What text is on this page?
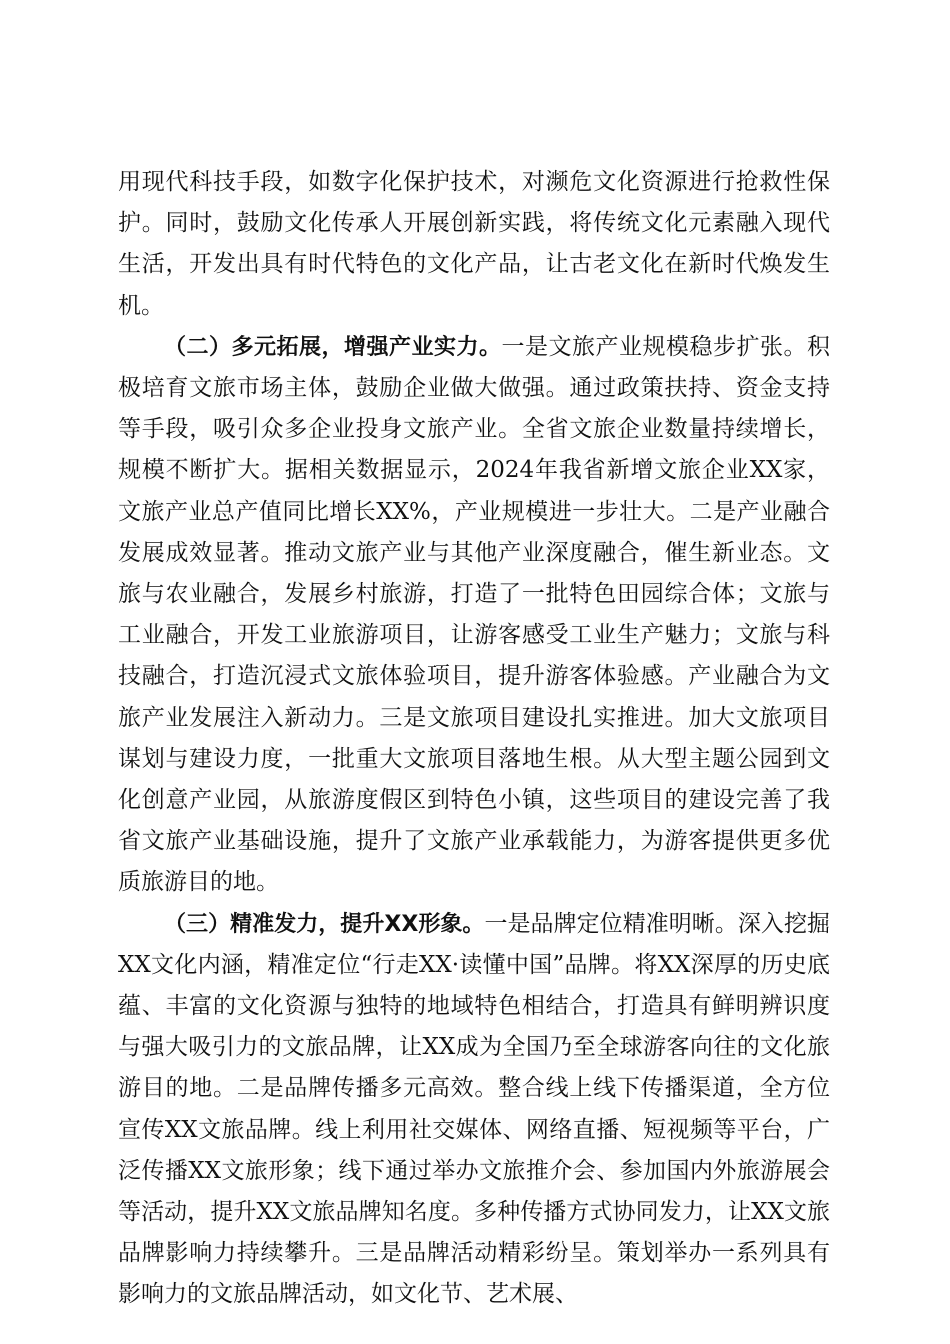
用现代科技手段，如数字化保护技术，对濒危文化资源进行抢救性保护。同时，鼓励文化传承人开展创新实践，将传统文化元素融入现代生活，开发出具有时代特色的文化产品，让古老文化在新时代焕发生机。

（二）多元拓展，增强产业实力。一是文旅产业规模稳步扩张。积极培育文旅市场主体，鼓励企业做大做强。通过政策扶持、资金支持等手段，吸引众多企业投身文旅产业。全省文旅企业数量持续增长，规模不断扩大。据相关数据显示，2024年我省新增文旅企业XX家，文旅产业总产值同比增长XX%，产业规模进一步壮大。二是产业融合发展成效显著。推动文旅产业与其他产业深度融合，催生新业态。文旅与农业融合，发展乡村旅游，打造了一批特色田园综合体；文旅与工业融合，开发工业旅游项目，让游客感受工业生产魅力；文旅与科技融合，打造沉浸式文旅体验项目，提升游客体验感。产业融合为文旅产业发展注入新动力。三是文旅项目建设扎实推进。加大文旅项目谋划与建设力度，一批重大文旅项目落地生根。从大型主题公园到文化创意产业园，从旅游度假区到特色小镇，这些项目的建设完善了我省文旅产业基础设施，提升了文旅产业承载能力，为游客提供更多优质旅游目的地。

（三）精准发力，提升XX形象。一是品牌定位精准明晰。深入挖掘XX文化内涵，精准定位“行走XX·读懂中国”品牌。将XX深厚的历史底蕴、丰富的文化资源与独特的地域特色相结合，打造具有鲜明辨识度与强大吸引力的文旅品牌，让XX成为全国乃至全球游客向往的文化旅游目的地。二是品牌传播多元高效。整合线上线下传播渠道，全方位宣传XX文旅品牌。线上利用社交媒体、网络直播、短视频等平台，广泛传播XX文旅形象；线下通过举办文旅推介会、参加国内外旅游展会等活动，提升XX文旅品牌知名度。多种传播方式协同发力，让XX文旅品牌影响力持续攀升。三是品牌活动精彩纷呈。策划举办一系列具有影响力的文旅品牌活动，如文化节、艺术展、
